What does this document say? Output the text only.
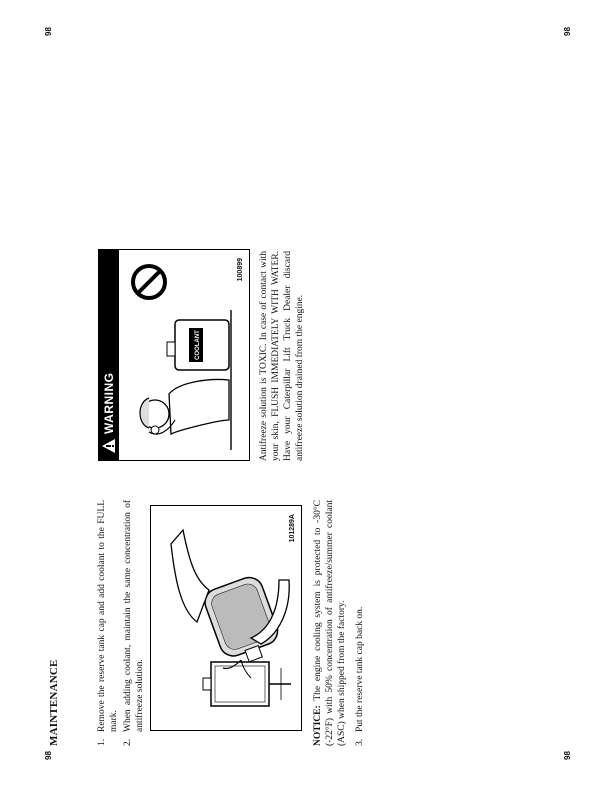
98	98
98	98
MAINTENANCE	1.
Remove the reserve tank cap and add coolant to the FULL mark.
2.
When adding coolant, maintain the same concentration of antifreeze solution.
101289A
NOTICE: The engine cooling system is protected to -30°C (-22°F) with 50% concentration of antifreeze/summer coolant (ASC) when shipped from the factory. 3.
Put the reserve tank cap back on.
WARNING
COOLANT
100899 Antifreeze solution is TOXIC. In case of contact with your skin, FLUSH IMMEDIATELY WITH WATER. Have your Caterpillar Lift Truck Dealer discard antifreeze solution drained from the engine.
